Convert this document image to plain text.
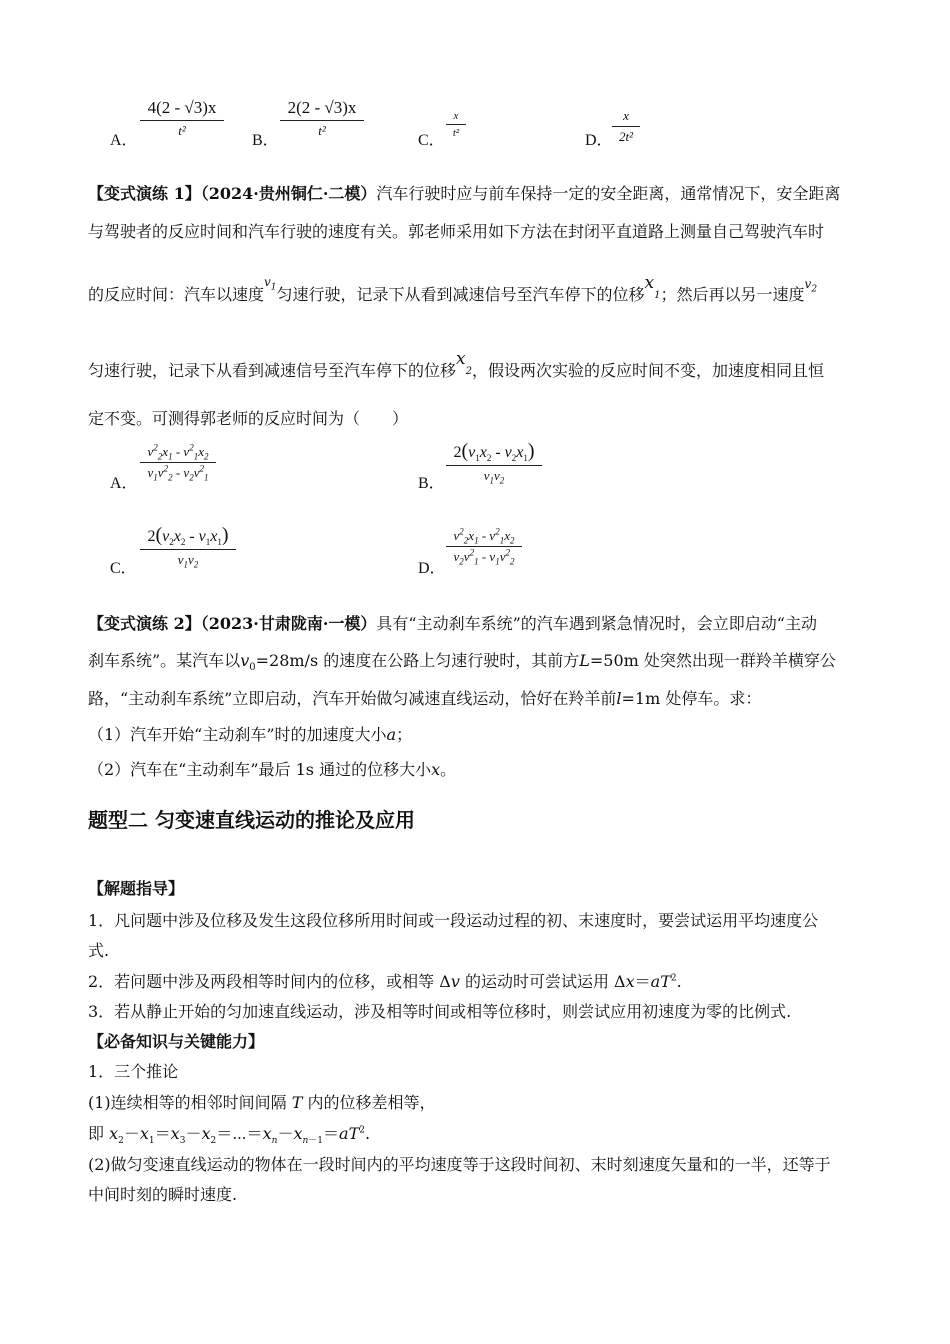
A．
4(2 - √3)x
t²
B．
2(2 - √3)x
t²
C．
x
t²	D．
x
2t²
【变式演练 1】（2024·贵州铜仁·二模）汽车行驶时应与前车保持一定的安全距离，通常情况下，安全距离
与驾驶者的反应时间和汽车行驶的速度有关。郭老师采用如下方法在封闭平直道路上测量自己驾驶汽车时
的反应时间：汽车以速度$^{v_1}$匀速行驶，记录下从看到减速信号至汽车停下的位移$x_1$；然后再以另一速度$^{v_2}$
匀速行驶，记录下从看到减速信号至汽车停下的位移$x_2$，假设两次实验的反应时间不变，加速度相同且恒
定不变。可测得郭老师的反应时间为（　　）
A．
$v^2_2x_1 - v^2_1x_2$
$v_1v^2_2 - v_2v^2_1$	B．
$2(v_1x_2 - v_2x_1)$
$v_1v_2$
C．
$2(v_2x_2 - v_1x_1)$
$v_1v_2$	D．
$v^2_2x_1 - v^2_1x_2$
$v_2v^2_1 - v_1v^2_2$
【变式演练 2】（2023·甘肃陇南·一模）具有“主动刹车系统”的汽车遇到紧急情况时，会立即启动“主动
刹车系统”。某汽车以$v_0=28m/s$ 的速度在公路上匀速行驶时，其前方L=50m 处突然出现一群羚羊横穿公
路，“主动刹车系统”立即启动，汽车开始做匀减速直线运动，恰好在羚羊前l=1m 处停车。求：
（1）汽车开始“主动刹车”时的加速度大小a；
（2）汽车在“主动刹车”最后 1s 通过的位移大小x。
题型二 匀变速直线运动的推论及应用
【解题指导】
1．凡问题中涉及位移及发生这段位移所用时间或一段运动过程的初、末速度时，要尝试运用平均速度公
式.
2．若问题中涉及两段相等时间内的位移，或相等 Δv 的运动时可尝试运用 $\Delta x=aT^2$.
3．若从静止开始的匀加速直线运动，涉及相等时间或相等位移时，则尝试应用初速度为零的比例式.
【必备知识与关键能力】
1．三个推论
(1)连续相等的相邻时间间隔 T 内的位移差相等，
即 $x_2-x_1=x_3-x_2=\cdots=x_n-x_{n-1}=aT^2$.
(2)做匀变速直线运动的物体在一段时间内的平均速度等于这段时间初、末时刻速度矢量和的一半，还等于
中间时刻的瞬时速度.
